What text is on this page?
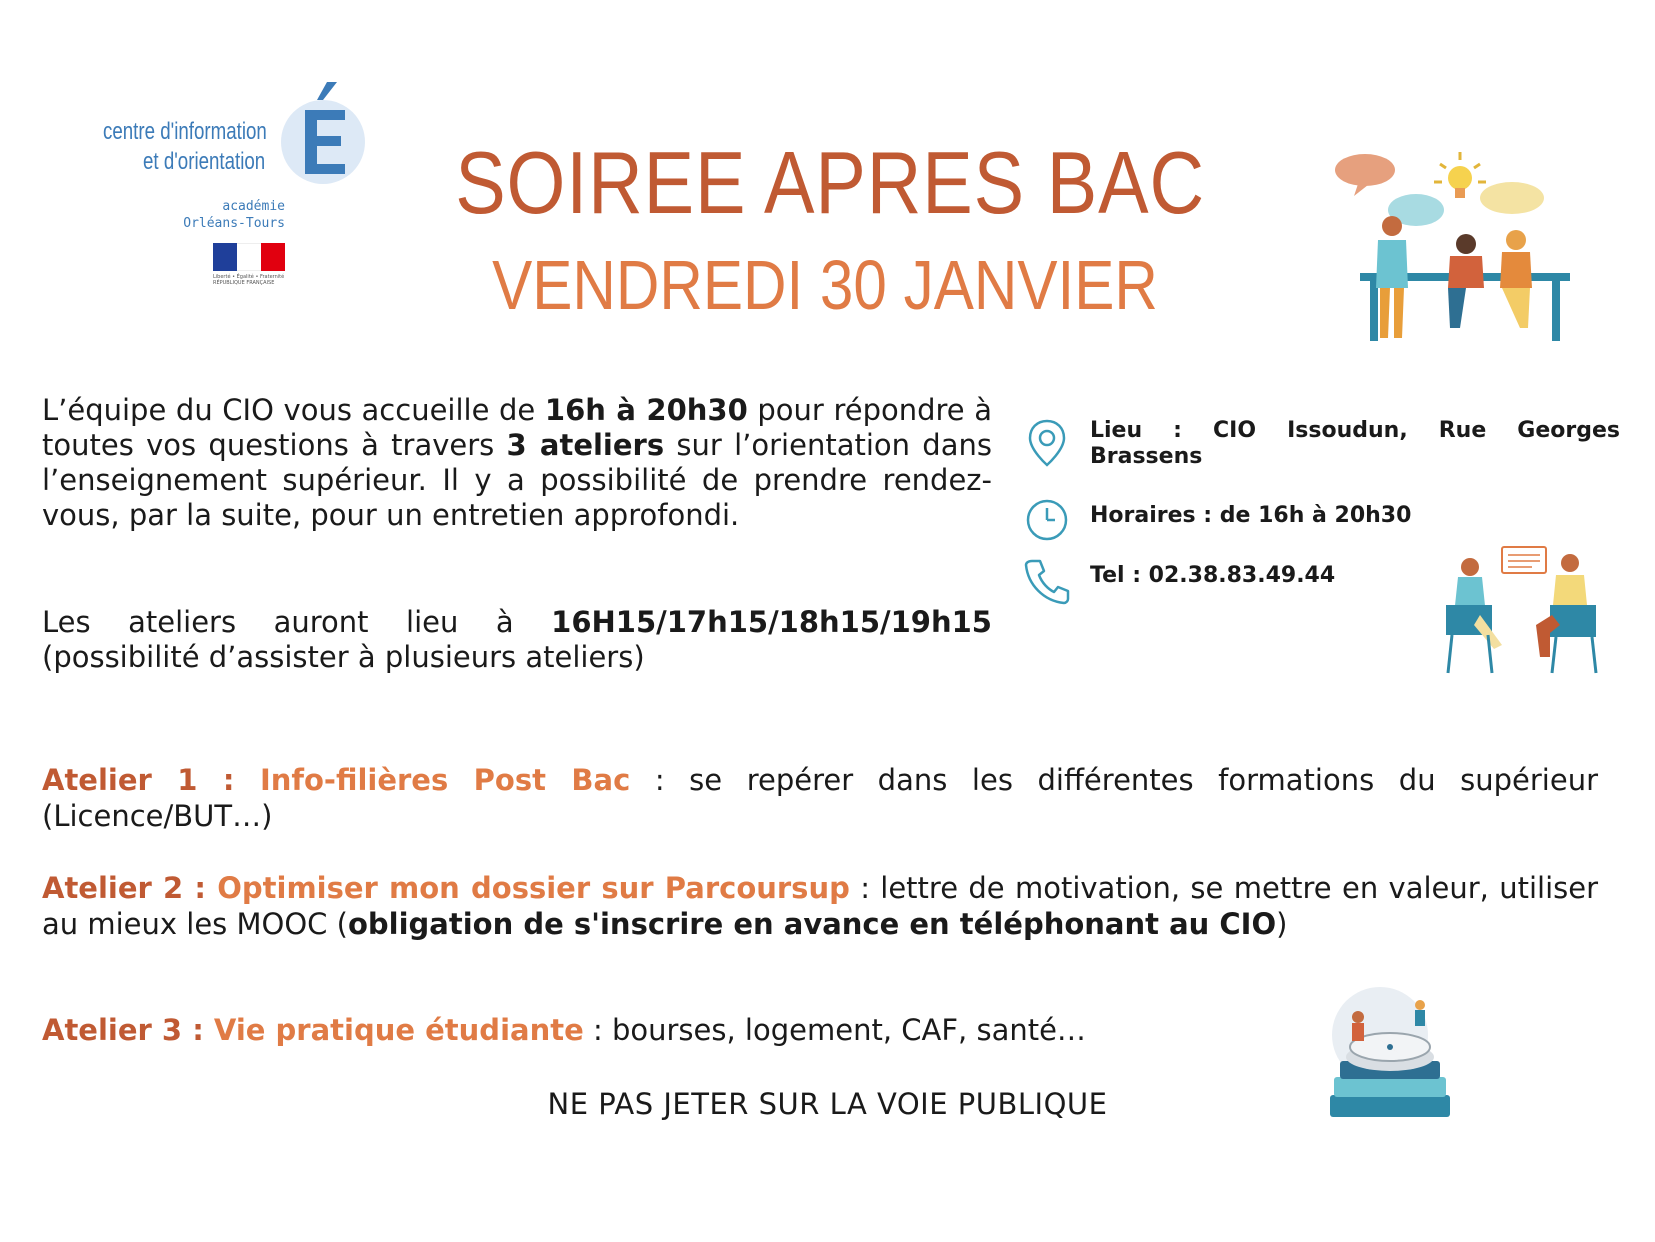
centre d'information
et d'orientation
académie
Orléans-Tours
Liberté • Égalité • Fraternité RÉPUBLIQUE FRANÇAISE
SOIREE APRES BAC
VENDREDI 30 JANVIER
L’équipe du CIO vous accueille de 16h à 20h30 pour répondre à toutes vos questions à travers 3 ateliers sur l’orientation dans l’enseignement supérieur. Il y a possibilité de prendre rendez-vous, par la suite, pour un entretien approfondi.
Les ateliers auront lieu à 16H15/17h15/18h15/19h15 (possibilité d’assister à plusieurs ateliers)
Lieu : CIO Issoudun, Rue Georges Brassens
Horaires : de 16h à 20h30
Tel : 02.38.83.49.44
Atelier 1 : Info-filières Post Bac : se repérer dans les différentes formations du supérieur (Licence/BUT…)
Atelier 2 : Optimiser mon dossier sur Parcoursup : lettre de motivation, se mettre en valeur, utiliser au mieux les MOOC (obligation de s'inscrire en avance en téléphonant au CIO)
Atelier 3 : Vie pratique étudiante : bourses, logement, CAF, santé…
NE PAS JETER SUR LA VOIE PUBLIQUE
